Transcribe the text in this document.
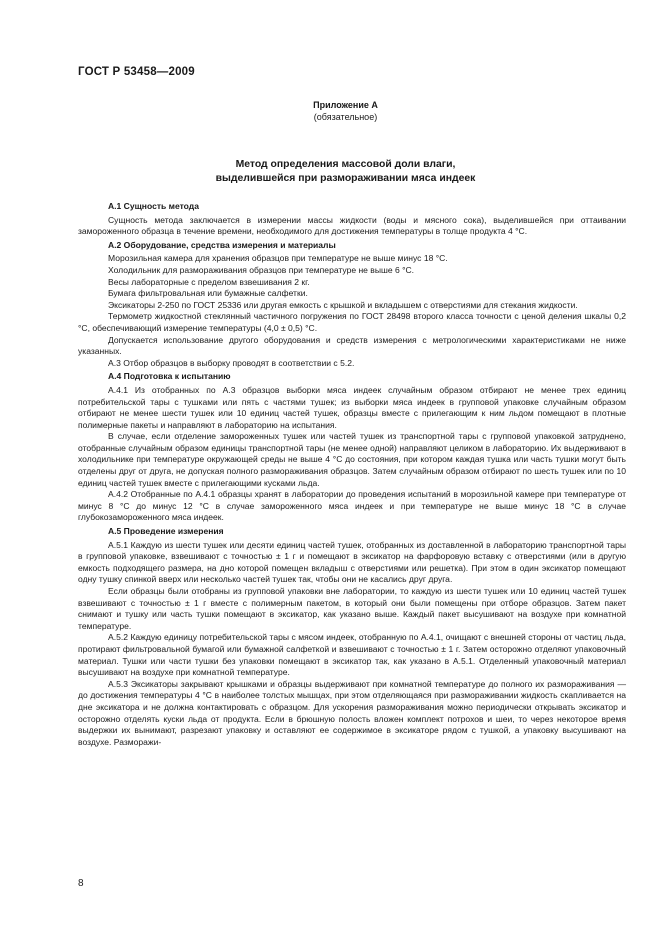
ГОСТ Р 53458—2009
Приложение А
(обязательное)
Метод определения массовой доли влаги,
выделившейся при размораживании мяса индеек

А.1 Сущность метода

Сущность метода заключается в измерении массы жидкости (воды и мясного сока), выделившейся при оттаивании замороженного образца в течение времени, необходимого для достижения температуры в толще продукта 4 °С.

А.2 Оборудование, средства измерения и материалы

Морозильная камера для хранения образцов при температуре не выше минус 18 °С.

Холодильник для размораживания образцов при температуре не выше 6 °С.

Весы лабораторные с пределом взвешивания 2 кг.

Бумага фильтровальная или бумажные салфетки.

Эксикаторы 2-250 по ГОСТ 25336 или другая емкость с крышкой и вкладышем с отверстиями для стекания жидкости.

Термометр жидкостной стеклянный частичного погружения по ГОСТ 28498 второго класса точности с ценой деления шкалы 0,2 °С, обеспечивающий измерение температуры (4,0 ± 0,5) °С.

Допускается использование другого оборудования и средств измерения с метрологическими характеристиками не ниже указанных.

А.3 Отбор образцов в выборку проводят в соответствии с 5.2.

А.4 Подготовка к испытанию

А.4.1 Из отобранных по А.3 образцов выборки мяса индеек случайным образом отбирают не менее трех единиц потребительской тары с тушками или пять с частями тушек; из выборки мяса индеек в групповой упаковке случайным образом отбирают не менее шести тушек или 10 единиц частей тушек, образцы вместе с прилегающим к ним льдом помещают в плотные полимерные пакеты и направляют в лабораторию на испытания.

В случае, если отделение замороженных тушек или частей тушек из транспортной тары с групповой упаковкой затруднено, отобранные случайным образом единицы транспортной тары (не менее одной) направляют целиком в лабораторию. Их выдерживают в холодильнике при температуре окружающей среды не выше 4 °С до состояния, при котором каждая тушка или часть тушки могут быть отделены друг от друга, не допуская полного размораживания образцов. Затем случайным образом отбирают по шесть тушек или по 10 единиц частей тушек вместе с прилегающими кусками льда.

А.4.2 Отобранные по А.4.1 образцы хранят в лаборатории до проведения испытаний в морозильной камере при температуре от минус 8 °С до минус 12 °С в случае замороженного мяса индеек и при температуре не выше минус 18 °С в случае глубокозамороженного мяса индеек.

А.5 Проведение измерения

А.5.1 Каждую из шести тушек или десяти единиц частей тушек, отобранных из доставленной в лабораторию транспортной тары в групповой упаковке, взвешивают с точностью ± 1 г и помещают в эксикатор на фарфоровую вставку с отверстиями (или в другую емкость подходящего размера, на дно которой помещен вкладыш с отверстиями или решетка). При этом в один эксикатор помещают одну тушку спинкой вверх или несколько частей тушек так, чтобы они не касались друг друга.

Если образцы были отобраны из групповой упаковки вне лаборатории, то каждую из шести тушек или 10 единиц частей тушек взвешивают с точностью ± 1 г вместе с полимерным пакетом, в который они были помещены при отборе образцов. Затем пакет снимают и тушку или часть тушки помещают в эксикатор, как указано выше. Каждый пакет высушивают на воздухе при комнатной температуре.

А.5.2 Каждую единицу потребительской тары с мясом индеек, отобранную по А.4.1, очищают с внешней стороны от частиц льда, протирают фильтровальной бумагой или бумажной салфеткой и взвешивают с точностью ± 1 г. Затем осторожно отделяют упаковочный материал. Тушки или части тушки без упаковки помещают в эксикатор так, как указано в А.5.1. Отделенный упаковочный материал высушивают на воздухе при комнатной температуре.

А.5.3 Эксикаторы закрывают крышками и образцы выдерживают при комнатной температуре до полного их размораживания — до достижения температуры 4 °С в наиболее толстых мышцах, при этом отделяющаяся при размораживании жидкость скапливается на дне эксикатора и не должна контактировать с образцом. Для ускорения размораживания можно периодически открывать эксикатор и осторожно отделять куски льда от продукта. Если в брюшную полость вложен комплект потрохов и шеи, то через некоторое время выдержки их вынимают, разрезают упаковку и оставляют ее содержимое в эксикаторе рядом с тушкой, а упаковку высушивают на воздухе. Разморажи-

8
